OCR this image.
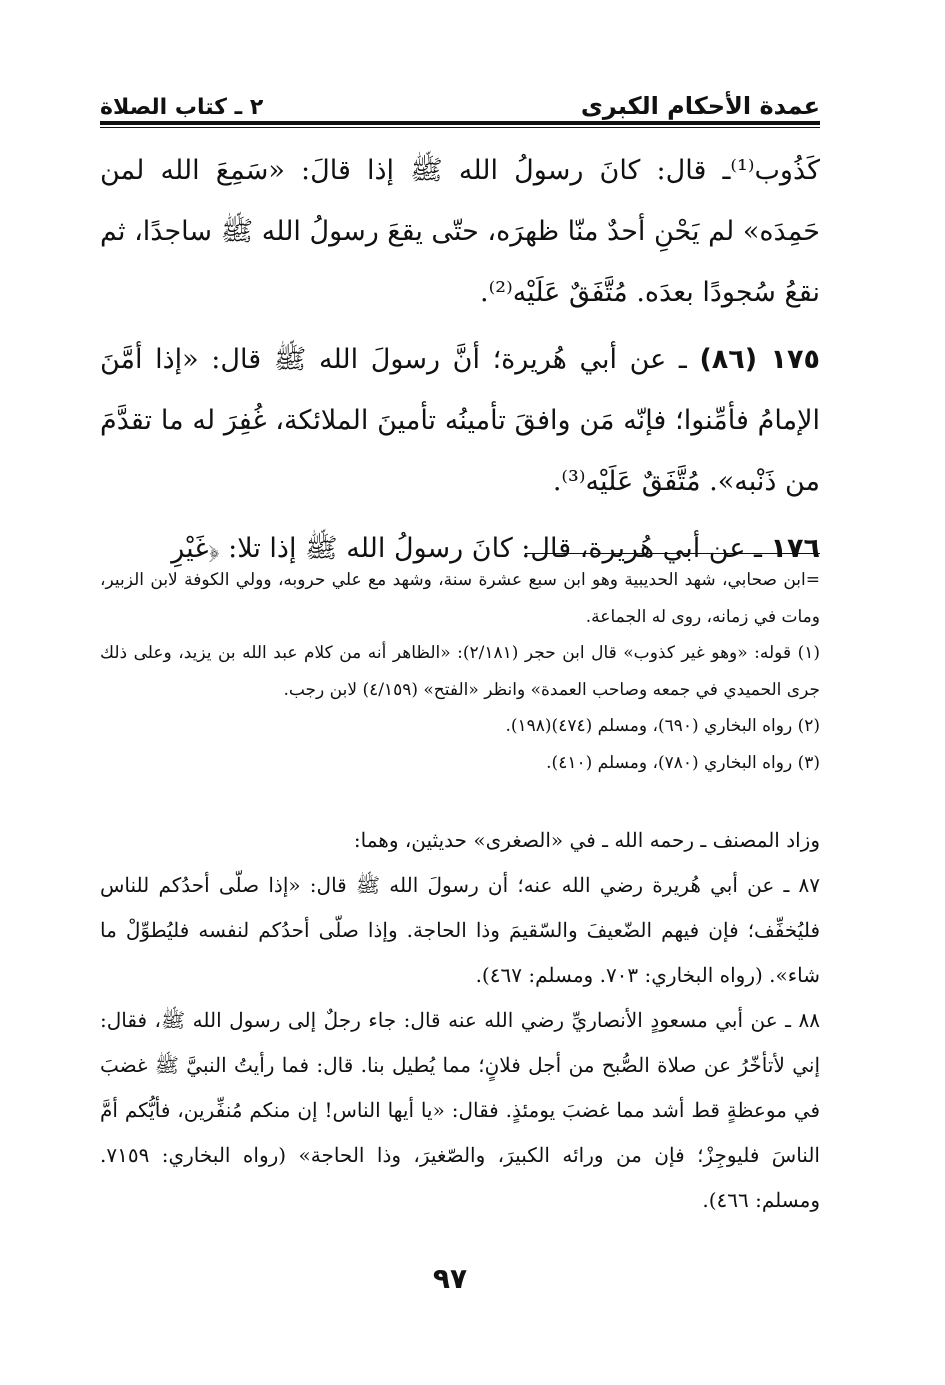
عمدة الأحكام الكبرى
٢ ـ كتاب الصلاة

كَذُوب⁽¹⁾ـ قال: كانَ رسولُ الله ﷺ إذا قالَ: «سَمِعَ الله لمن حَمِدَه» لم يَحْنِ أحدٌ منّا ظهرَه، حتّى يقعَ رسولُ الله ﷺ ساجدًا، ثم نقعُ سُجودًا بعدَه. مُتَّفَقٌ عَلَيْه⁽²⁾.

١٧٥ (٨٦) ـ عن أبي هُريرة؛ أنَّ رسولَ الله ﷺ قال: «إذا أمَّنَ الإمامُ فأمِّنوا؛ فإنّه مَن وافقَ تأمينُه تأمينَ الملائكة، غُفِرَ له ما تقدَّمَ من ذَنْبه». مُتَّفَقٌ عَلَيْه⁽³⁾.

١٧٦ ـ عن أبي هُريرة، قال: كانَ رسولُ الله ﷺ إذا تلا: ﴿غَيْرِ

=ابن صحابي، شهد الحديبية وهو ابن سبع عشرة سنة، وشهد مع علي حروبه، وولي الكوفة لابن الزبير، ومات في زمانه، روى له الجماعة.

(١) قوله: «وهو غير كذوب» قال ابن حجر (٢/١٨١): «الظاهر أنه من كلام عبد الله بن يزيد، وعلى ذلك جرى الحميدي في جمعه وصاحب العمدة» وانظر «الفتح» (٤/١٥٩) لابن رجب.

(٢) رواه البخاري (٦٩٠)، ومسلم (٤٧٤)(١٩٨).

(٣) رواه البخاري (٧٨٠)، ومسلم (٤١٠).

وزاد المصنف ـ رحمه الله ـ في «الصغرى» حديثين، وهما:

٨٧ ـ عن أبي هُريرة رضي الله عنه؛ أن رسولَ الله ﷺ قال: «إذا صلّى أحدُكم للناس فليُخفِّف؛ فإن فيهم الضّعيفَ والسّقيمَ وذا الحاجة. وإذا صلّى أحدُكم لنفسه فليُطوِّلْ ما شاء». (رواه البخاري: ٧٠٣. ومسلم: ٤٦٧).

٨٨ ـ عن أبي مسعودٍ الأنصاريِّ رضي الله عنه قال: جاء رجلٌ إلى رسول الله ﷺ، فقال: إني لأتأخّرُ عن صلاة الصُّبح من أجل فلانٍ؛ مما يُطيل بنا. قال: فما رأيتُ النبيَّ ﷺ غضبَ في موعظةٍ قط أشد مما غضبَ يومئذٍ. فقال: «يا أيها الناس! إن منكم مُنفِّرين، فأيُّكم أمَّ الناسَ فليوجِزْ؛ فإن من ورائه الكبيرَ، والصّغيرَ، وذا الحاجة» (رواه البخاري: ٧١٥٩. ومسلم: ٤٦٦).

٩٧
